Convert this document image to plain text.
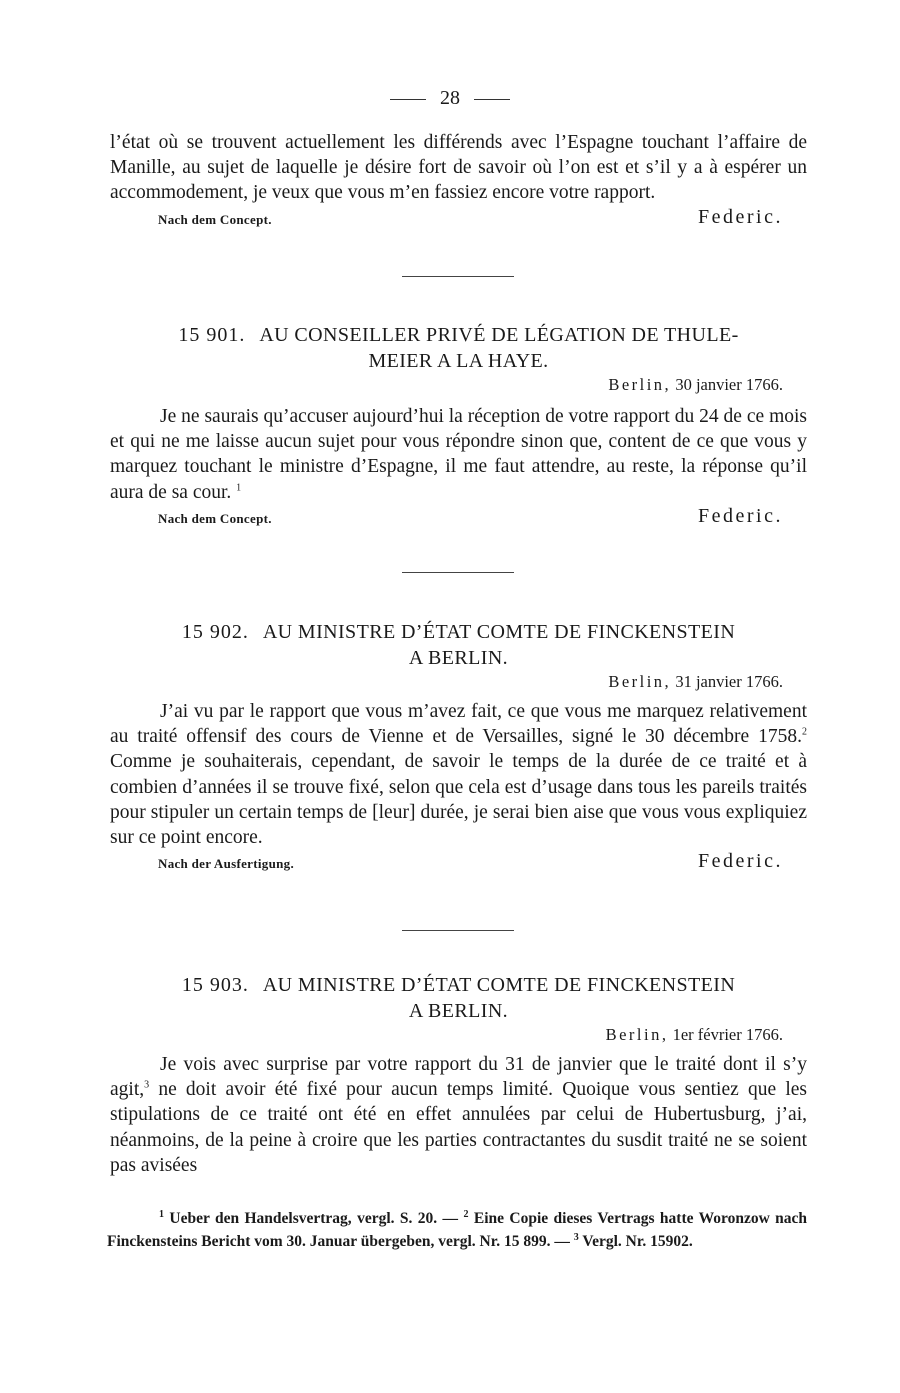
28

l’état où se trouvent actuellement les différends avec l’Espagne touchant l’affaire de Manille, au sujet de laquelle je désire fort de savoir où l’on est et s’il y a à espérer un accommodement, je veux que vous m’en fassiez encore votre rapport.

Nach dem Concept.	Federic.
15 901. AU CONSEILLER PRIVÉ DE LÉGATION DE THULE-
MEIER A LA HAYE.
Berlin, 30 janvier 1766.

Je ne saurais qu’accuser aujourd’hui la réception de votre rapport du 24 de ce mois et qui ne me laisse aucun sujet pour vous répondre sinon que, content de ce que vous y marquez touchant le ministre d’Espagne, il me faut attendre, au reste, la réponse qu’il aura de sa cour. $^1$

Nach dem Concept.	Federic.
15 902. AU MINISTRE D’ÉTAT COMTE DE FINCKENSTEIN
A BERLIN.
Berlin, 31 janvier 1766.

J’ai vu par le rapport que vous m’avez fait, ce que vous me marquez relativement au traité offensif des cours de Vienne et de Versailles, signé le 30 décembre 1758.$^2$ Comme je souhaiterais, cependant, de savoir le temps de la durée de ce traité et à combien d’années il se trouve fixé, selon que cela est d’usage dans tous les pareils traités pour stipuler un certain temps de [leur] durée, je serai bien aise que vous vous expliquiez sur ce point encore.

Nach der Ausfertigung.	Federic.
15 903. AU MINISTRE D’ÉTAT COMTE DE FINCKENSTEIN
A BERLIN.
Berlin, 1er février 1766.

Je vois avec surprise par votre rapport du 31 de janvier que le traité dont il s’y agit,$^3$ ne doit avoir été fixé pour aucun temps limité. Quoique vous sentiez que les stipulations de ce traité ont été en effet annulées par celui de Hubertusburg, j’ai, néanmoins, de la peine à croire que les parties contractantes du susdit traité ne se soient pas avisées

$^1$ Ueber den Handelsvertrag, vergl. S. 20. — $^2$ Eine Copie dieses Vertrags hatte Woronzow nach Finckensteins Bericht vom 30. Januar übergeben, vergl. Nr. 15 899. — $^3$ Vergl. Nr. 15902.
